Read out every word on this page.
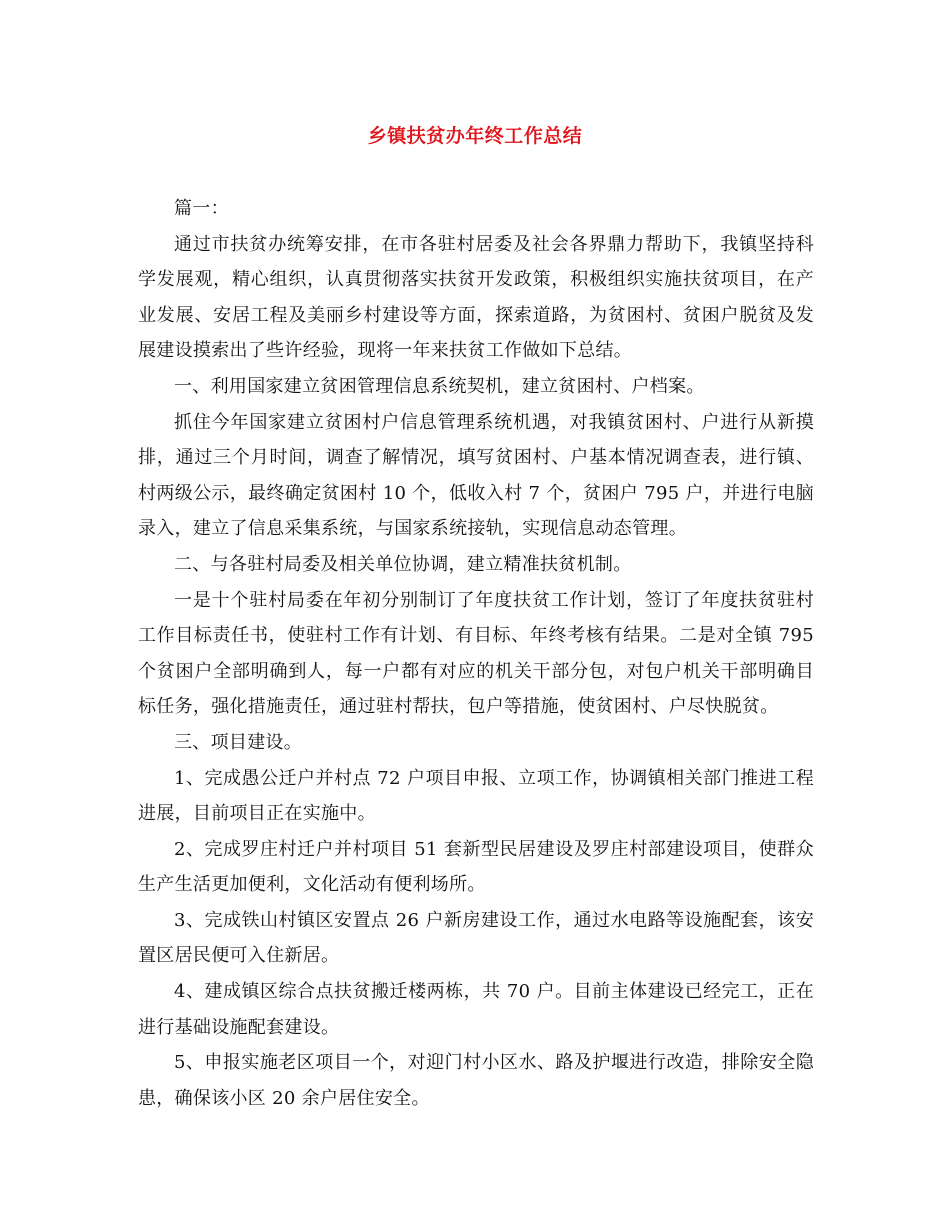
乡镇扶贫办年终工作总结

篇一：

通过市扶贫办统筹安排，在市各驻村居委及社会各界鼎力帮助下，我镇坚持科学发展观，精心组织，认真贯彻落实扶贫开发政策，积极组织实施扶贫项目，在产业发展、安居工程及美丽乡村建设等方面，探索道路，为贫困村、贫困户脱贫及发展建设摸索出了些许经验，现将一年来扶贫工作做如下总结。

一、利用国家建立贫困管理信息系统契机，建立贫困村、户档案。

抓住今年国家建立贫困村户信息管理系统机遇，对我镇贫困村、户进行从新摸排，通过三个月时间，调查了解情况，填写贫困村、户基本情况调查表，进行镇、村两级公示，最终确定贫困村 10 个，低收入村 7 个，贫困户 795 户，并进行电脑录入，建立了信息采集系统，与国家系统接轨，实现信息动态管理。

二、与各驻村局委及相关单位协调，建立精准扶贫机制。

一是十个驻村局委在年初分别制订了年度扶贫工作计划，签订了年度扶贫驻村工作目标责任书，使驻村工作有计划、有目标、年终考核有结果。二是对全镇 795 个贫困户全部明确到人，每一户都有对应的机关干部分包，对包户机关干部明确目标任务，强化措施责任，通过驻村帮扶，包户等措施，使贫困村、户尽快脱贫。

三、项目建设。

1、完成愚公迁户并村点 72 户项目申报、立项工作，协调镇相关部门推进工程进展，目前项目正在实施中。

2、完成罗庄村迁户并村项目 51 套新型民居建设及罗庄村部建设项目，使群众生产生活更加便利，文化活动有便利场所。

3、完成铁山村镇区安置点 26 户新房建设工作，通过水电路等设施配套，该安置区居民便可入住新居。

4、建成镇区综合点扶贫搬迁楼两栋，共 70 户。目前主体建设已经完工，正在进行基础设施配套建设。

5、申报实施老区项目一个，对迎门村小区水、路及护堰进行改造，排除安全隐患，确保该小区 20 余户居住安全。
